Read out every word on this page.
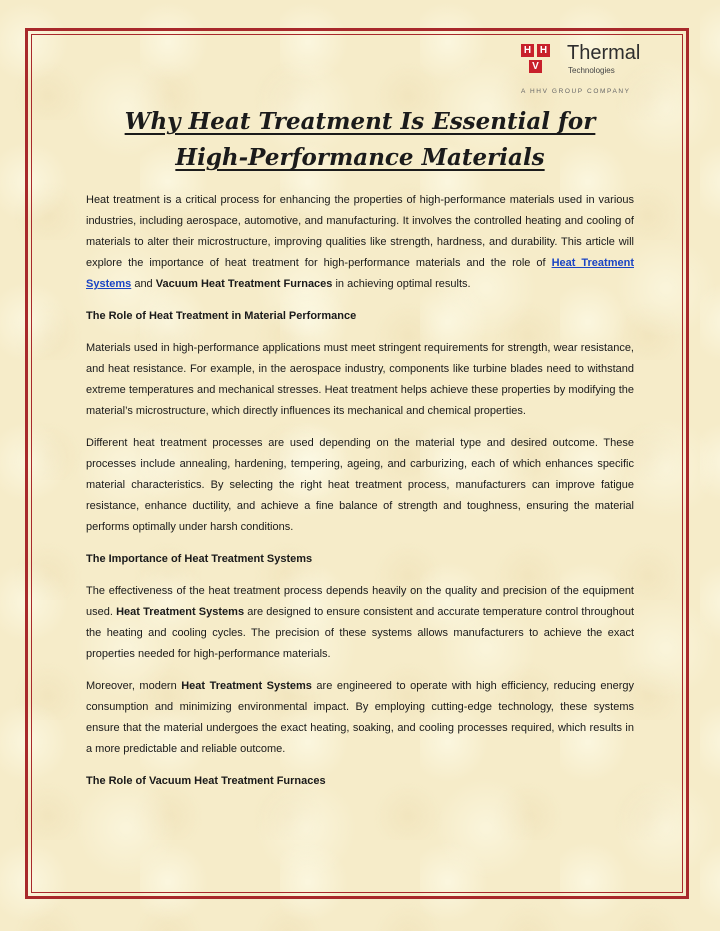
H H
V
Thermal
Technologies
A HHV GROUP COMPANY
Why Heat Treatment Is Essential for
High-Performance Materials

Heat treatment is a critical process for enhancing the properties of high-performance materials used in various industries, including aerospace, automotive, and manufacturing. It involves the controlled heating and cooling of materials to alter their microstructure, improving qualities like strength, hardness, and durability. This article will explore the importance of heat treatment for high-performance materials and the role of Heat Treatment Systems and Vacuum Heat Treatment Furnaces in achieving optimal results.

The Role of Heat Treatment in Material Performance

Materials used in high-performance applications must meet stringent requirements for strength, wear resistance, and heat resistance. For example, in the aerospace industry, components like turbine blades need to withstand extreme temperatures and mechanical stresses. Heat treatment helps achieve these properties by modifying the material’s microstructure, which directly influences its mechanical and chemical properties.

Different heat treatment processes are used depending on the material type and desired outcome. These processes include annealing, hardening, tempering, ageing, and carburizing, each of which enhances specific material characteristics. By selecting the right heat treatment process, manufacturers can improve fatigue resistance, enhance ductility, and achieve a fine balance of strength and toughness, ensuring the material performs optimally under harsh conditions.

The Importance of Heat Treatment Systems

The effectiveness of the heat treatment process depends heavily on the quality and precision of the equipment used. Heat Treatment Systems are designed to ensure consistent and accurate temperature control throughout the heating and cooling cycles. The precision of these systems allows manufacturers to achieve the exact properties needed for high-performance materials.

Moreover, modern Heat Treatment Systems are engineered to operate with high efficiency, reducing energy consumption and minimizing environmental impact. By employing cutting-edge technology, these systems ensure that the material undergoes the exact heating, soaking, and cooling processes required, which results in a more predictable and reliable outcome.

The Role of Vacuum Heat Treatment Furnaces
